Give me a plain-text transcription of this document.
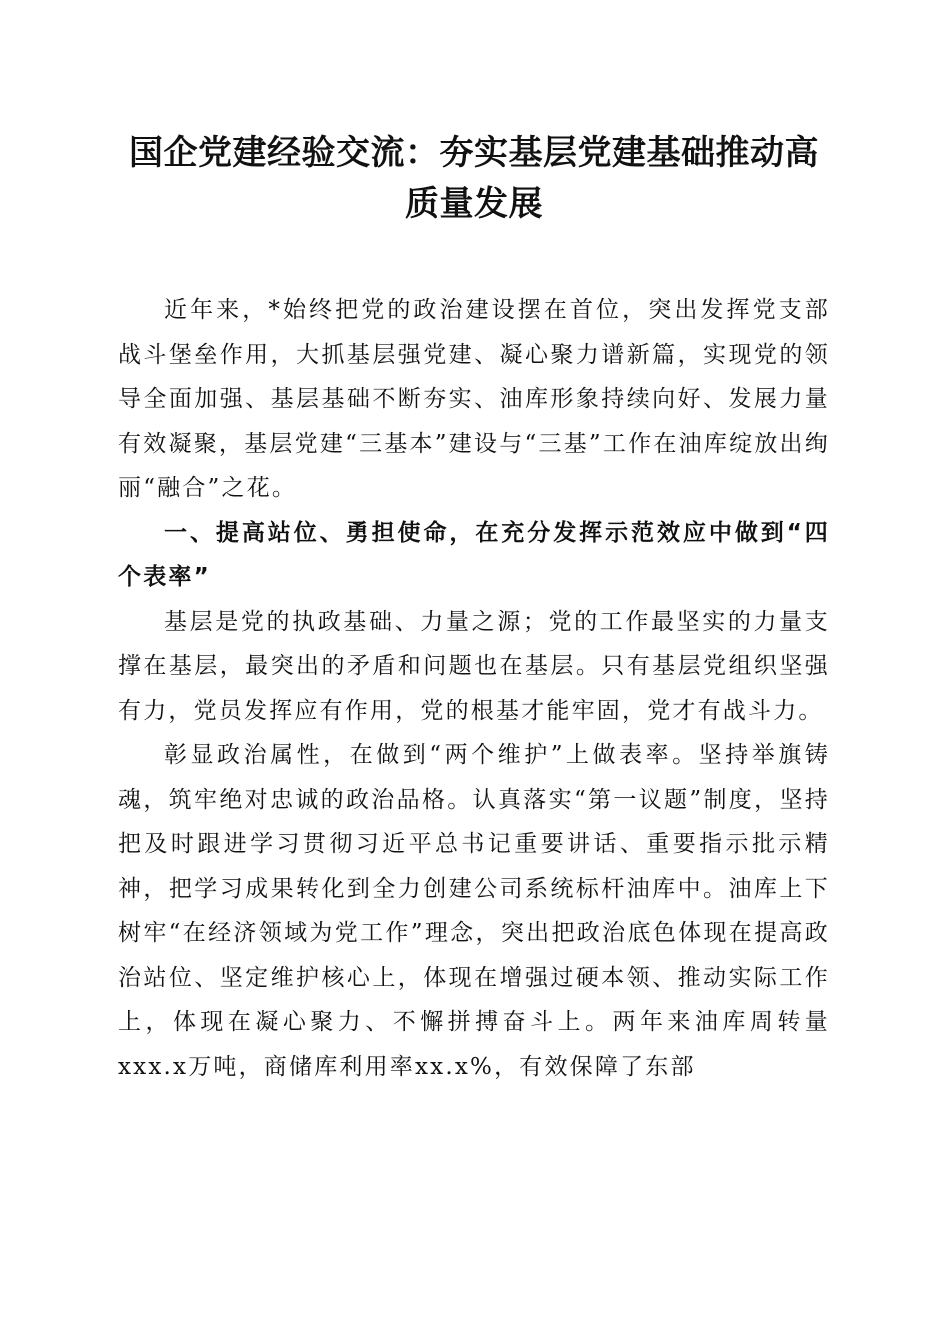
国企党建经验交流：夯实基层党建基础推动高质量发展

近年来，*始终把党的政治建设摆在首位，突出发挥党支部战斗堡垒作用，大抓基层强党建、凝心聚力谱新篇，实现党的领导全面加强、基层基础不断夯实、油库形象持续向好、发展力量有效凝聚，基层党建“三基本”建设与“三基”工作在油库绽放出绚丽“融合”之花。

一、提高站位、勇担使命，在充分发挥示范效应中做到“四个表率”

基层是党的执政基础、力量之源；党的工作最坚实的力量支撑在基层，最突出的矛盾和问题也在基层。只有基层党组织坚强有力，党员发挥应有作用，党的根基才能牢固，党才有战斗力。

彰显政治属性，在做到“两个维护”上做表率。坚持举旗铸魂，筑牢绝对忠诚的政治品格。认真落实“第一议题”制度，坚持把及时跟进学习贯彻习近平总书记重要讲话、重要指示批示精神，把学习成果转化到全力创建公司系统标杆油库中。油库上下树牢“在经济领域为党工作”理念，突出把政治底色体现在提高政治站位、坚定维护核心上，体现在增强过硬本领、推动实际工作上，体现在凝心聚力、不懈拼搏奋斗上。两年来油库周转量xxx.x万吨，商储库利用率xx.x%，有效保障了东部
